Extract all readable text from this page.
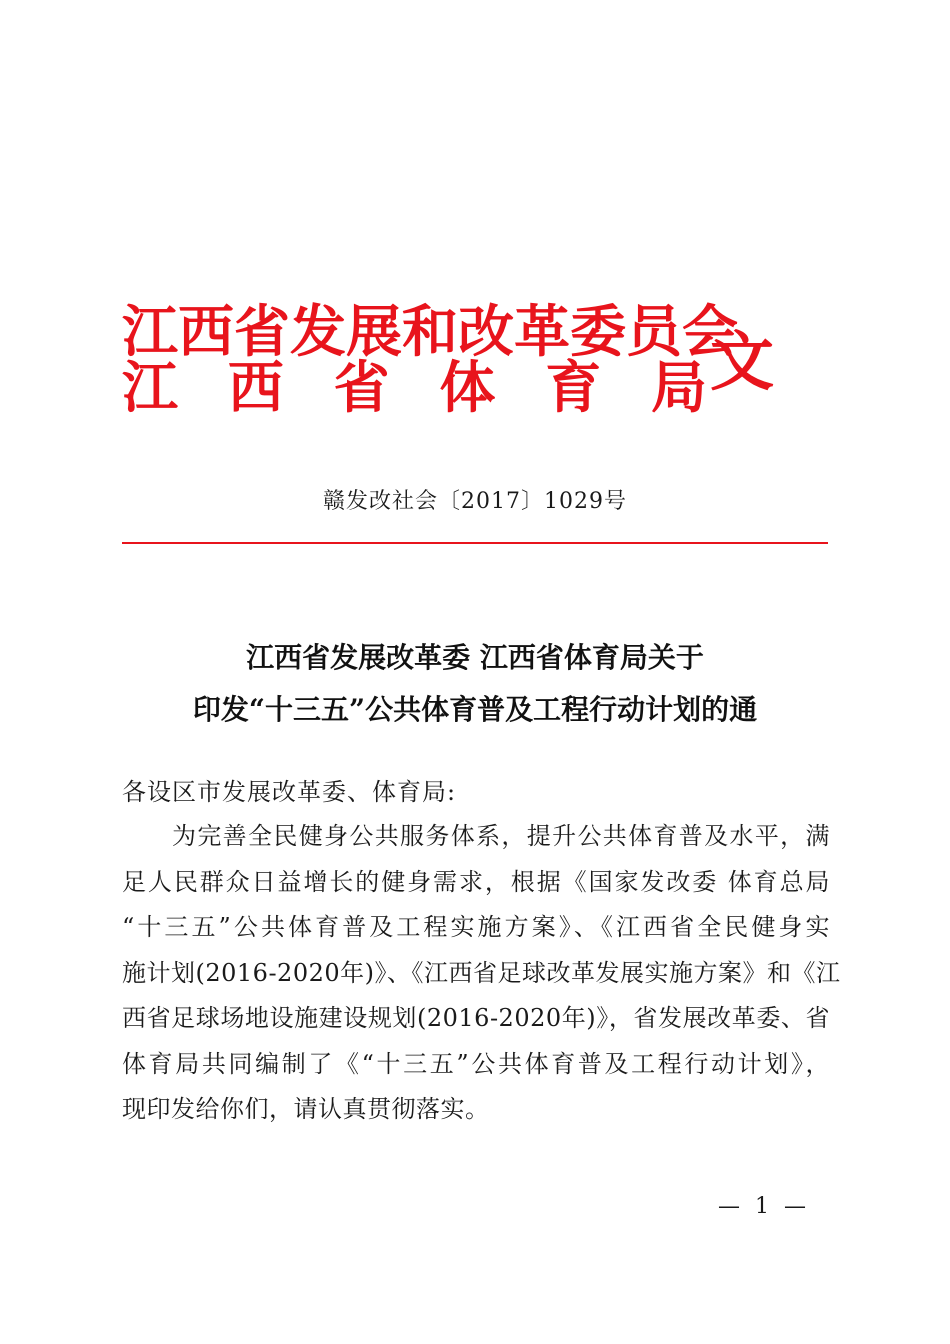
江西省发展和改革委员会
江 西 省 体 育 局 文
赣发改社会〔2017〕1029号
江西省发展改革委 江西省体育局关于
印发“十三五”公共体育普及工程行动计划的通
各设区市发展改革委、体育局:
为完善全民健身公共服务体系，提升公共体育普及水平，满
足人民群众日益增长的健身需求，根据《国家发改委 体育总局
“十三五”公共体育普及工程实施方案》、《江西省全民健身实
施计划(2016-2020年)》、《江西省足球改革发展实施方案》和《江
西省足球场地设施建设规划(2016-2020年)》，省发展改革委、省
体育局共同编制了《“十三五”公共体育普及工程行动计划》，
现印发给你们，请认真贯彻落实。
— 1 —
